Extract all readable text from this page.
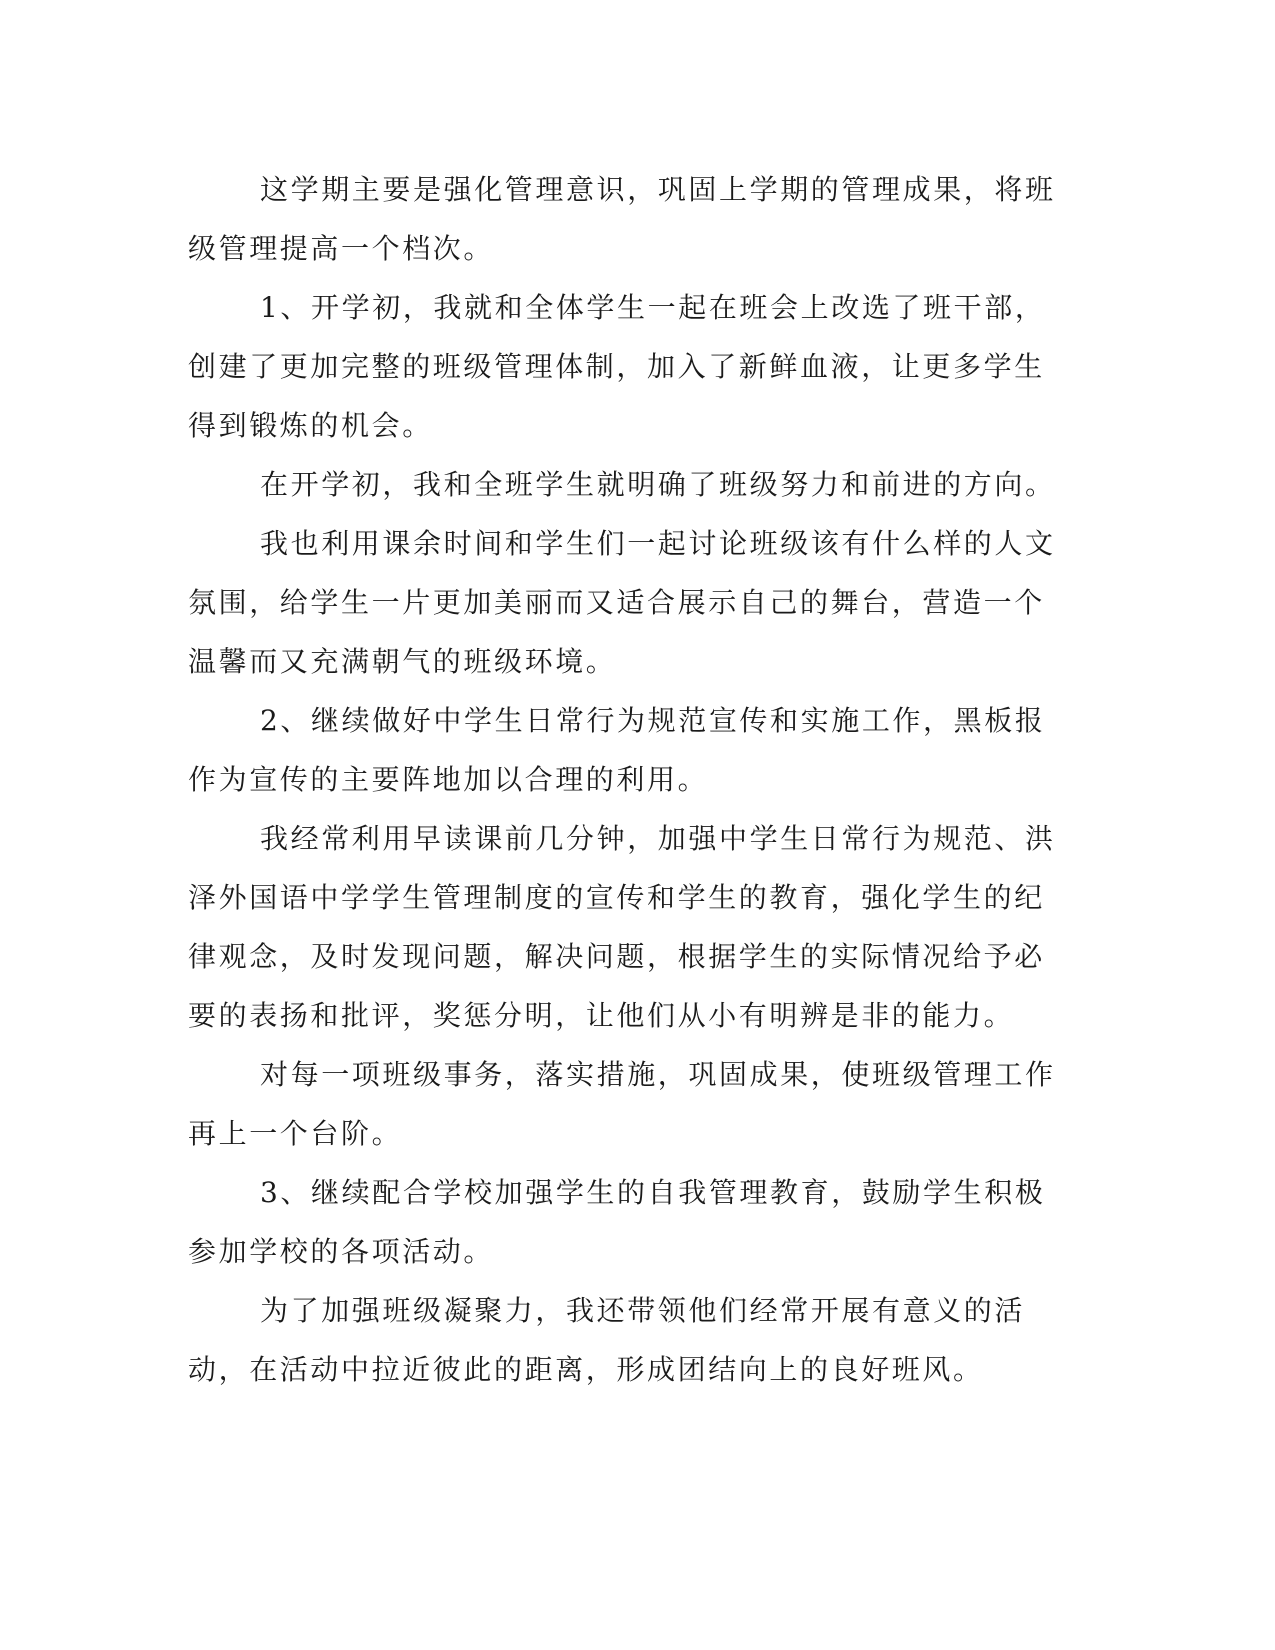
这学期主要是强化管理意识，巩固上学期的管理成果，将班级管理提高一个档次。

1、开学初，我就和全体学生一起在班会上改选了班干部，创建了更加完整的班级管理体制，加入了新鲜血液，让更多学生得到锻炼的机会。

在开学初，我和全班学生就明确了班级努力和前进的方向。

我也利用课余时间和学生们一起讨论班级该有什么样的人文氛围，给学生一片更加美丽而又适合展示自己的舞台，营造一个温馨而又充满朝气的班级环境。

2、继续做好中学生日常行为规范宣传和实施工作，黑板报作为宣传的主要阵地加以合理的利用。

我经常利用早读课前几分钟，加强中学生日常行为规范、洪泽外国语中学学生管理制度的宣传和学生的教育，强化学生的纪律观念，及时发现问题，解决问题，根据学生的实际情况给予必要的表扬和批评，奖惩分明，让他们从小有明辨是非的能力。

对每一项班级事务，落实措施，巩固成果，使班级管理工作再上一个台阶。

3、继续配合学校加强学生的自我管理教育，鼓励学生积极参加学校的各项活动。

为了加强班级凝聚力，我还带领他们经常开展有意义的活动，在活动中拉近彼此的距离，形成团结向上的良好班风。
